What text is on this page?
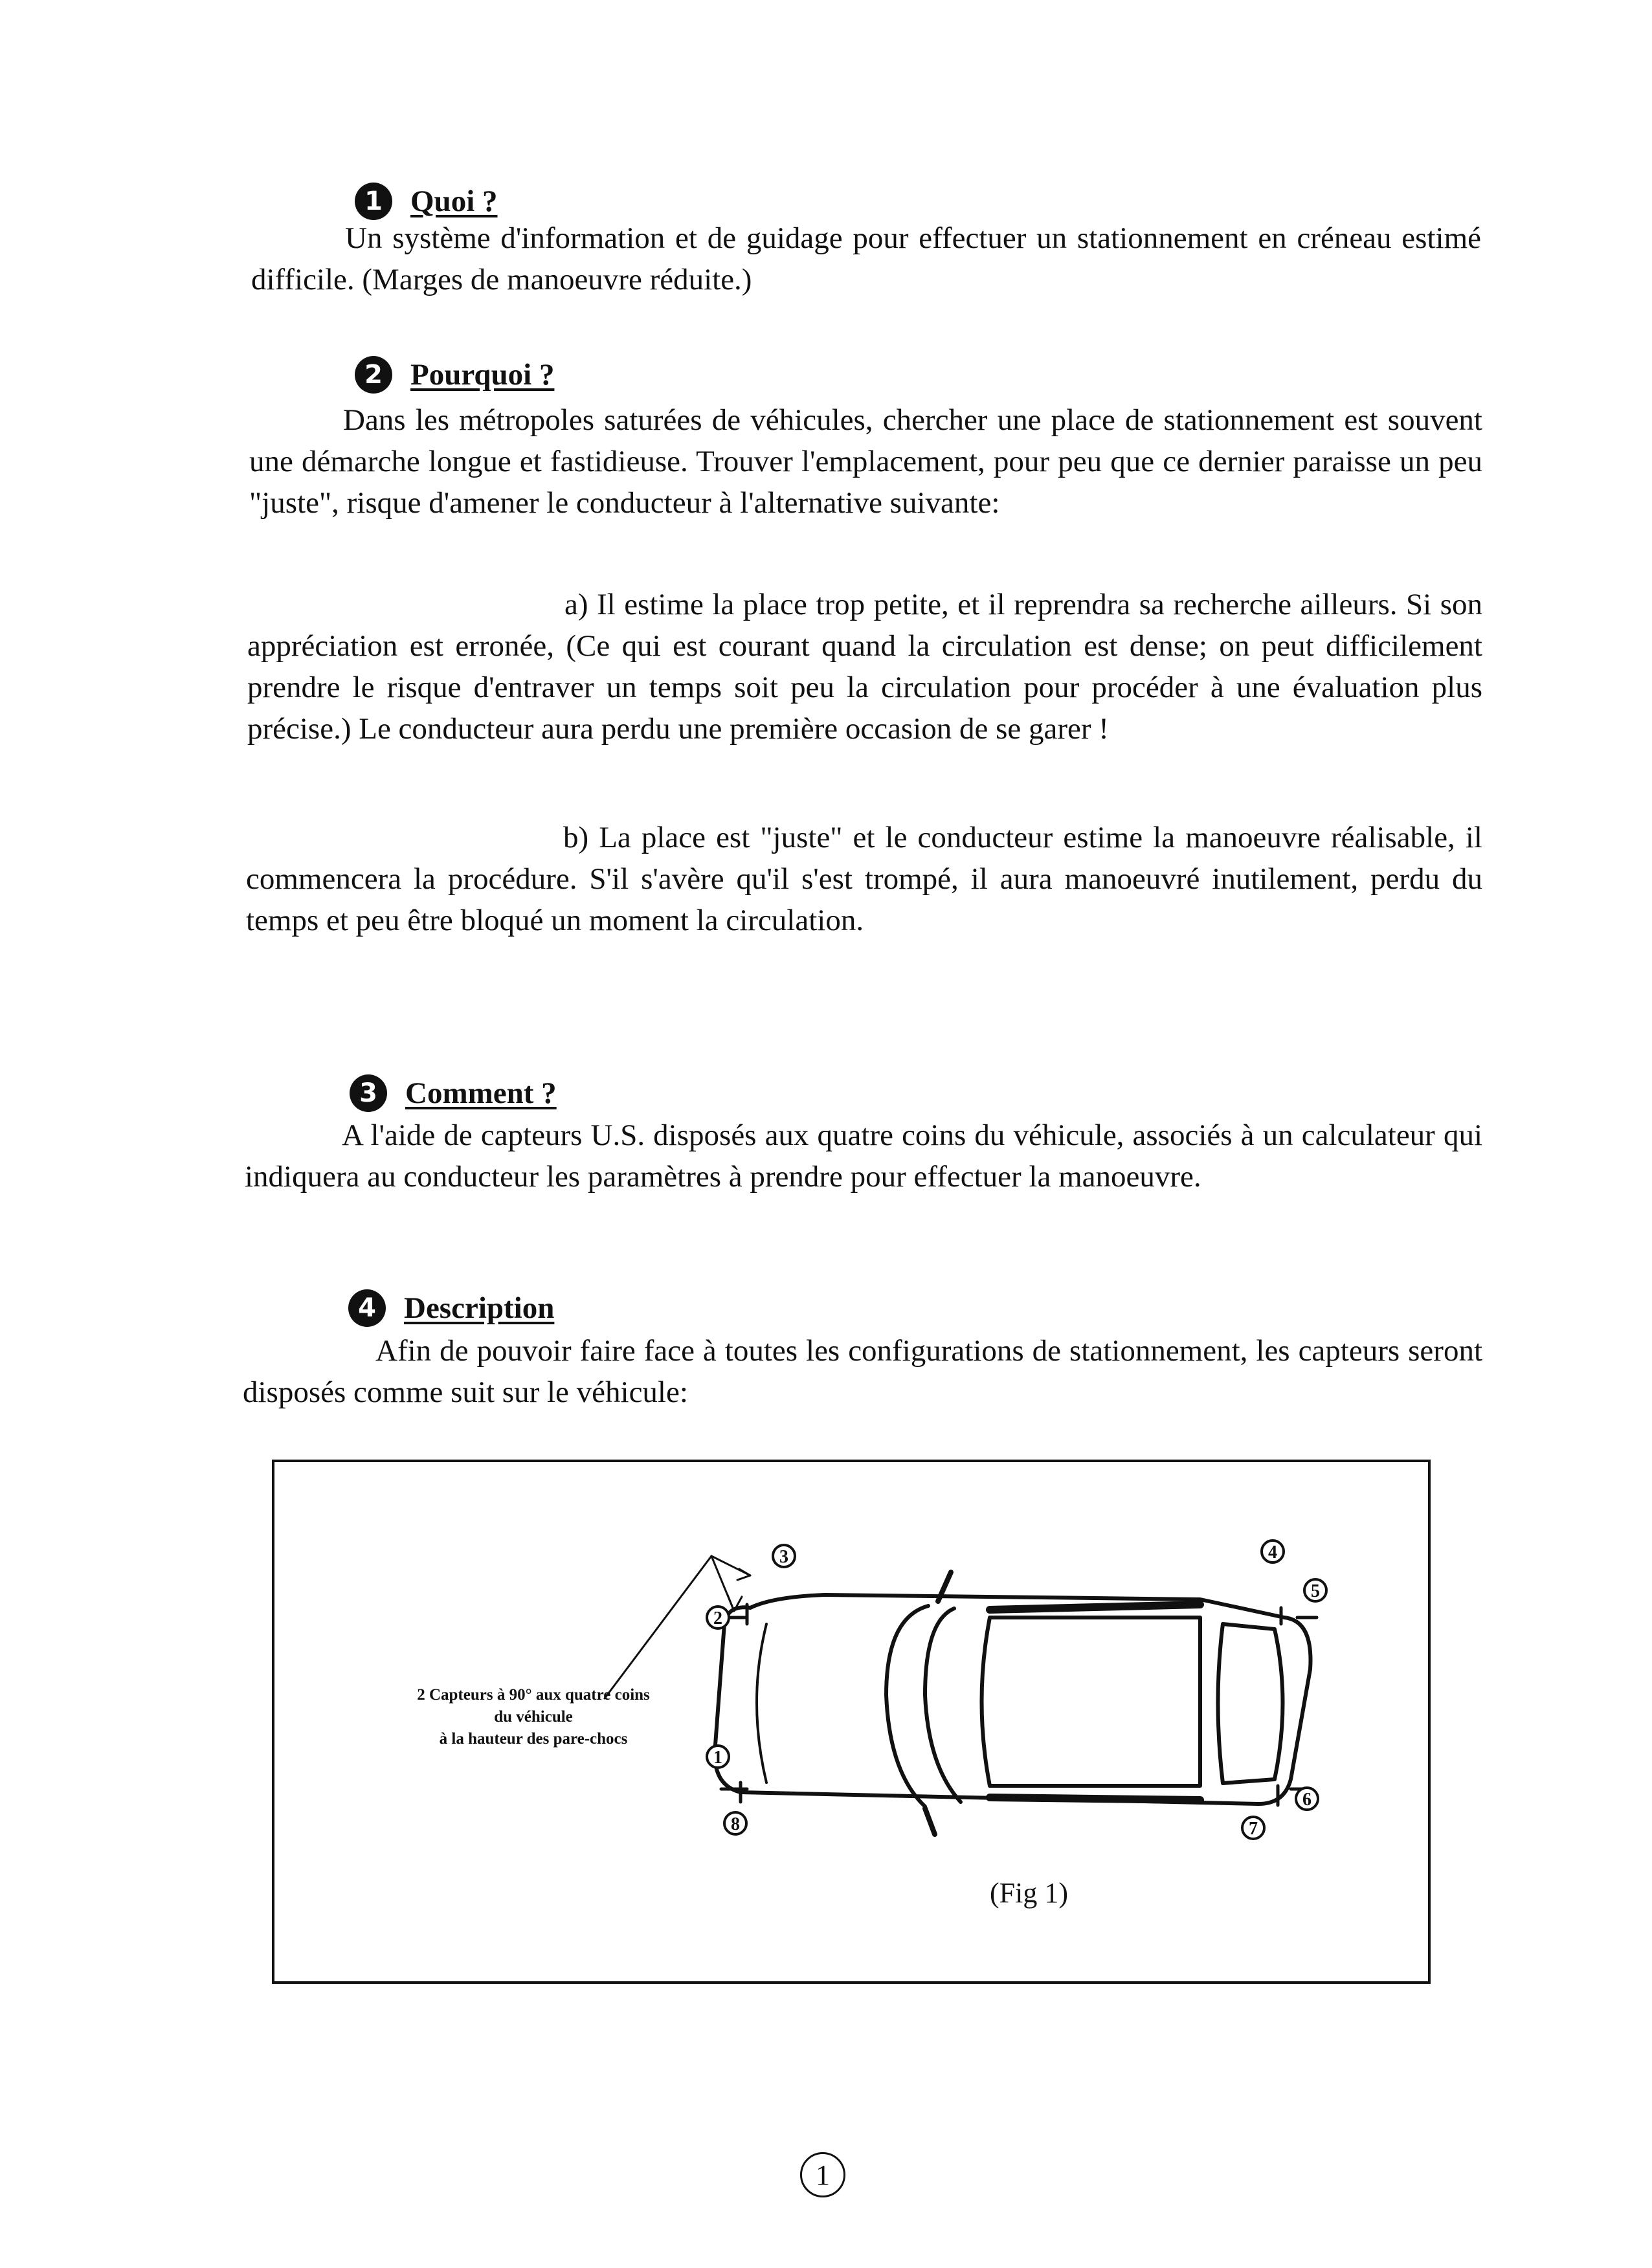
1 Quoi ?

Un système d'information et de guidage pour effectuer un stationnement en créneau estimé difficile. (Marges de manoeuvre réduite.)

2 Pourquoi ?

Dans les métropoles saturées de véhicules, chercher une place de stationnement est souvent une démarche longue et fastidieuse. Trouver l'emplacement, pour peu que ce dernier paraisse un peu "juste", risque d'amener le conducteur à l'alternative suivante:

a) Il estime la place trop petite, et il reprendra sa recherche ailleurs. Si son appréciation est erronée, (Ce qui est courant quand la circulation est dense; on peut difficilement prendre le risque d'entraver un temps soit peu la circulation pour procéder à une évaluation plus précise.) Le conducteur aura perdu une première occasion de se garer !

b) La place est "juste" et le conducteur estime la manoeuvre réalisable, il commencera la procédure. S'il s'avère qu'il s'est trompé, il aura manoeuvré inutilement, perdu du temps et peu être bloqué un moment la circulation.

3 Comment ?

A l'aide de capteurs U.S. disposés aux quatre coins du véhicule, associés à un calculateur qui indiquera au conducteur les paramètres à prendre pour effectuer la manoeuvre.

4 Description

Afin de pouvoir faire face à toutes les configurations de stationnement, les capteurs seront disposés comme suit sur le véhicule:

1
2
3	4
5
6
7
8
2 Capteurs à 90° aux quatre coins
du véhicule
à la hauteur des pare-chocs
(Fig 1)
1
